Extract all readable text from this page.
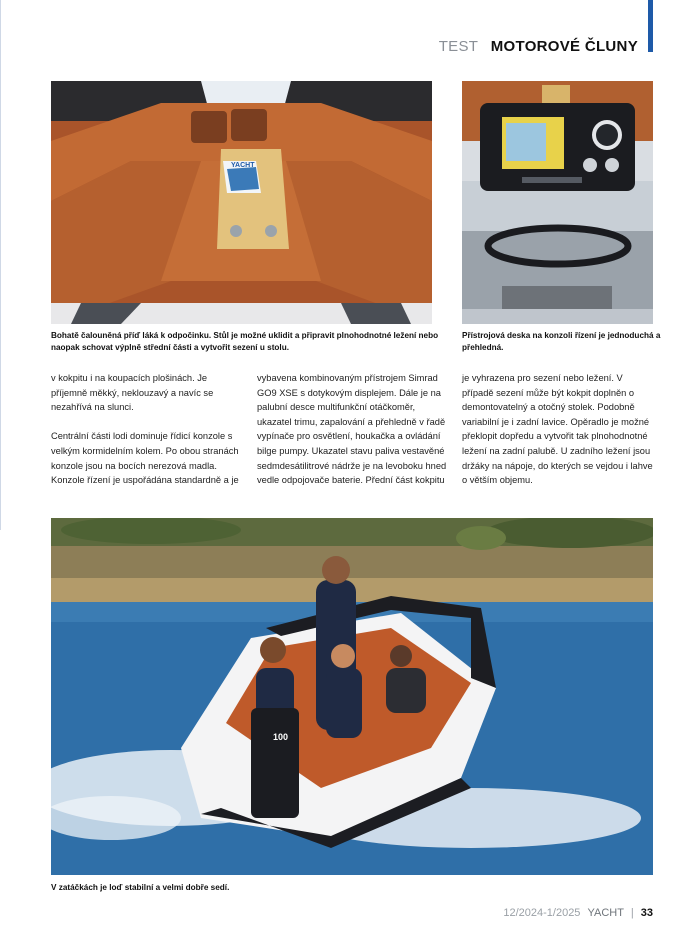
TEST MOTOROVÉ ČLUNY
YACHT
100
Bohatě čalouněná příď láká k odpočinku. Stůl je možné uklidit a připravit plnohodnotné ležení nebo naopak schovat výplně střední části a vytvořit sezení u stolu.
Přístrojová deska na konzoli řízení je jednoduchá a přehledná.

v kokpitu i na koupacích plošinách. Je příjemně měkký, neklouzavý a navíc se nezahřívá na slunci.

Centrální části lodi dominuje řídicí konzole s velkým kormidelním kolem. Po obou stranách konzole jsou na bocích nerezová madla. Konzole řízení je uspořádána standardně a je

vybavena kombinovaným přístrojem Simrad GO9 XSE s dotykovým displejem. Dále je na palubní desce multifunkční otáčkoměr, ukazatel trimu, zapalování a přehledně v řadě vypínače pro osvětlení, houkačka a ovládání bilge pumpy. Ukazatel stavu paliva vestavěné sedmdesátilitrové nádrže je na levoboku hned vedle odpojovače baterie. Přední část kokpitu

je vyhrazena pro sezení nebo ležení. V případě sezení může být kokpit doplněn o demontovatelný a otočný stolek. Podobně variabilní je i zadní lavice. Opěradlo je možné překlopit dopředu a vytvořit tak plnohodnotné ležení na zadní palubě. U zadního ležení jsou držáky na nápoje, do kterých se vejdou i lahve o větším objemu.

V zatáčkách je loď stabilní a velmi dobře sedí.
12/2024-1/2025 YACHT | 33
